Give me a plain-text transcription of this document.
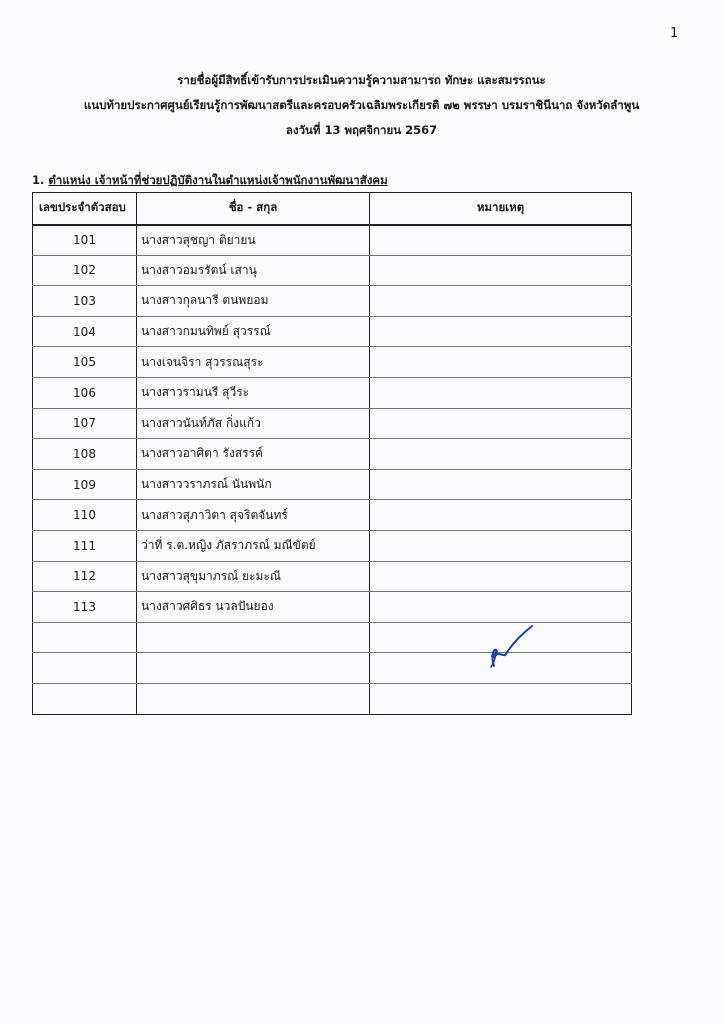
1
รายชื่อผู้มีสิทธิ์เข้ารับการประเมินความรู้ความสามารถ ทักษะ และสมรรถนะ
แนบท้ายประกาศศูนย์เรียนรู้การพัฒนาสตรีและครอบครัวเฉลิมพระเกียรติ ๗๒ พรรษา บรมราชินีนาถ จังหวัดลำพูน
ลงวันที่ 13 พฤศจิกายน 2567
1. ตำแหน่ง เจ้าหน้าที่ช่วยปฏิบัติงานในตำแหน่งเจ้าพนักงานพัฒนาสังคม
เลขประจำตัวสอบ	ชื่อ - สกุล	หมายเหตุ
101	นางสาวสุชญา ติยายน	
102	นางสาวอมรรัตน์ เสานุ	
103	นางสาวกุลนารี ตนพยอม	
104	นางสาวกมนทิพย์ สุวรรณ์	
105	นางเจนจิรา สุวรรณสุระ	
106	นางสาวรามนรี สุวีระ	
107	นางสาวนันท์ภัส กิ่งแก้ว	
108	นางสาวอาศิตา รังสรรค์	
109	นางสาววราภรณ์ นันพนัก	
110	นางสาวสุภาวิตา สุจริตจันทร์	
111	ว่าที่ ร.ต.หญิง ภัสราภรณ์ มณีขัตย์	
112	นางสาวสุขุมาภรณ์ ยะมะณี	
113	นางสาวศศิธร นวลปันยอง	
